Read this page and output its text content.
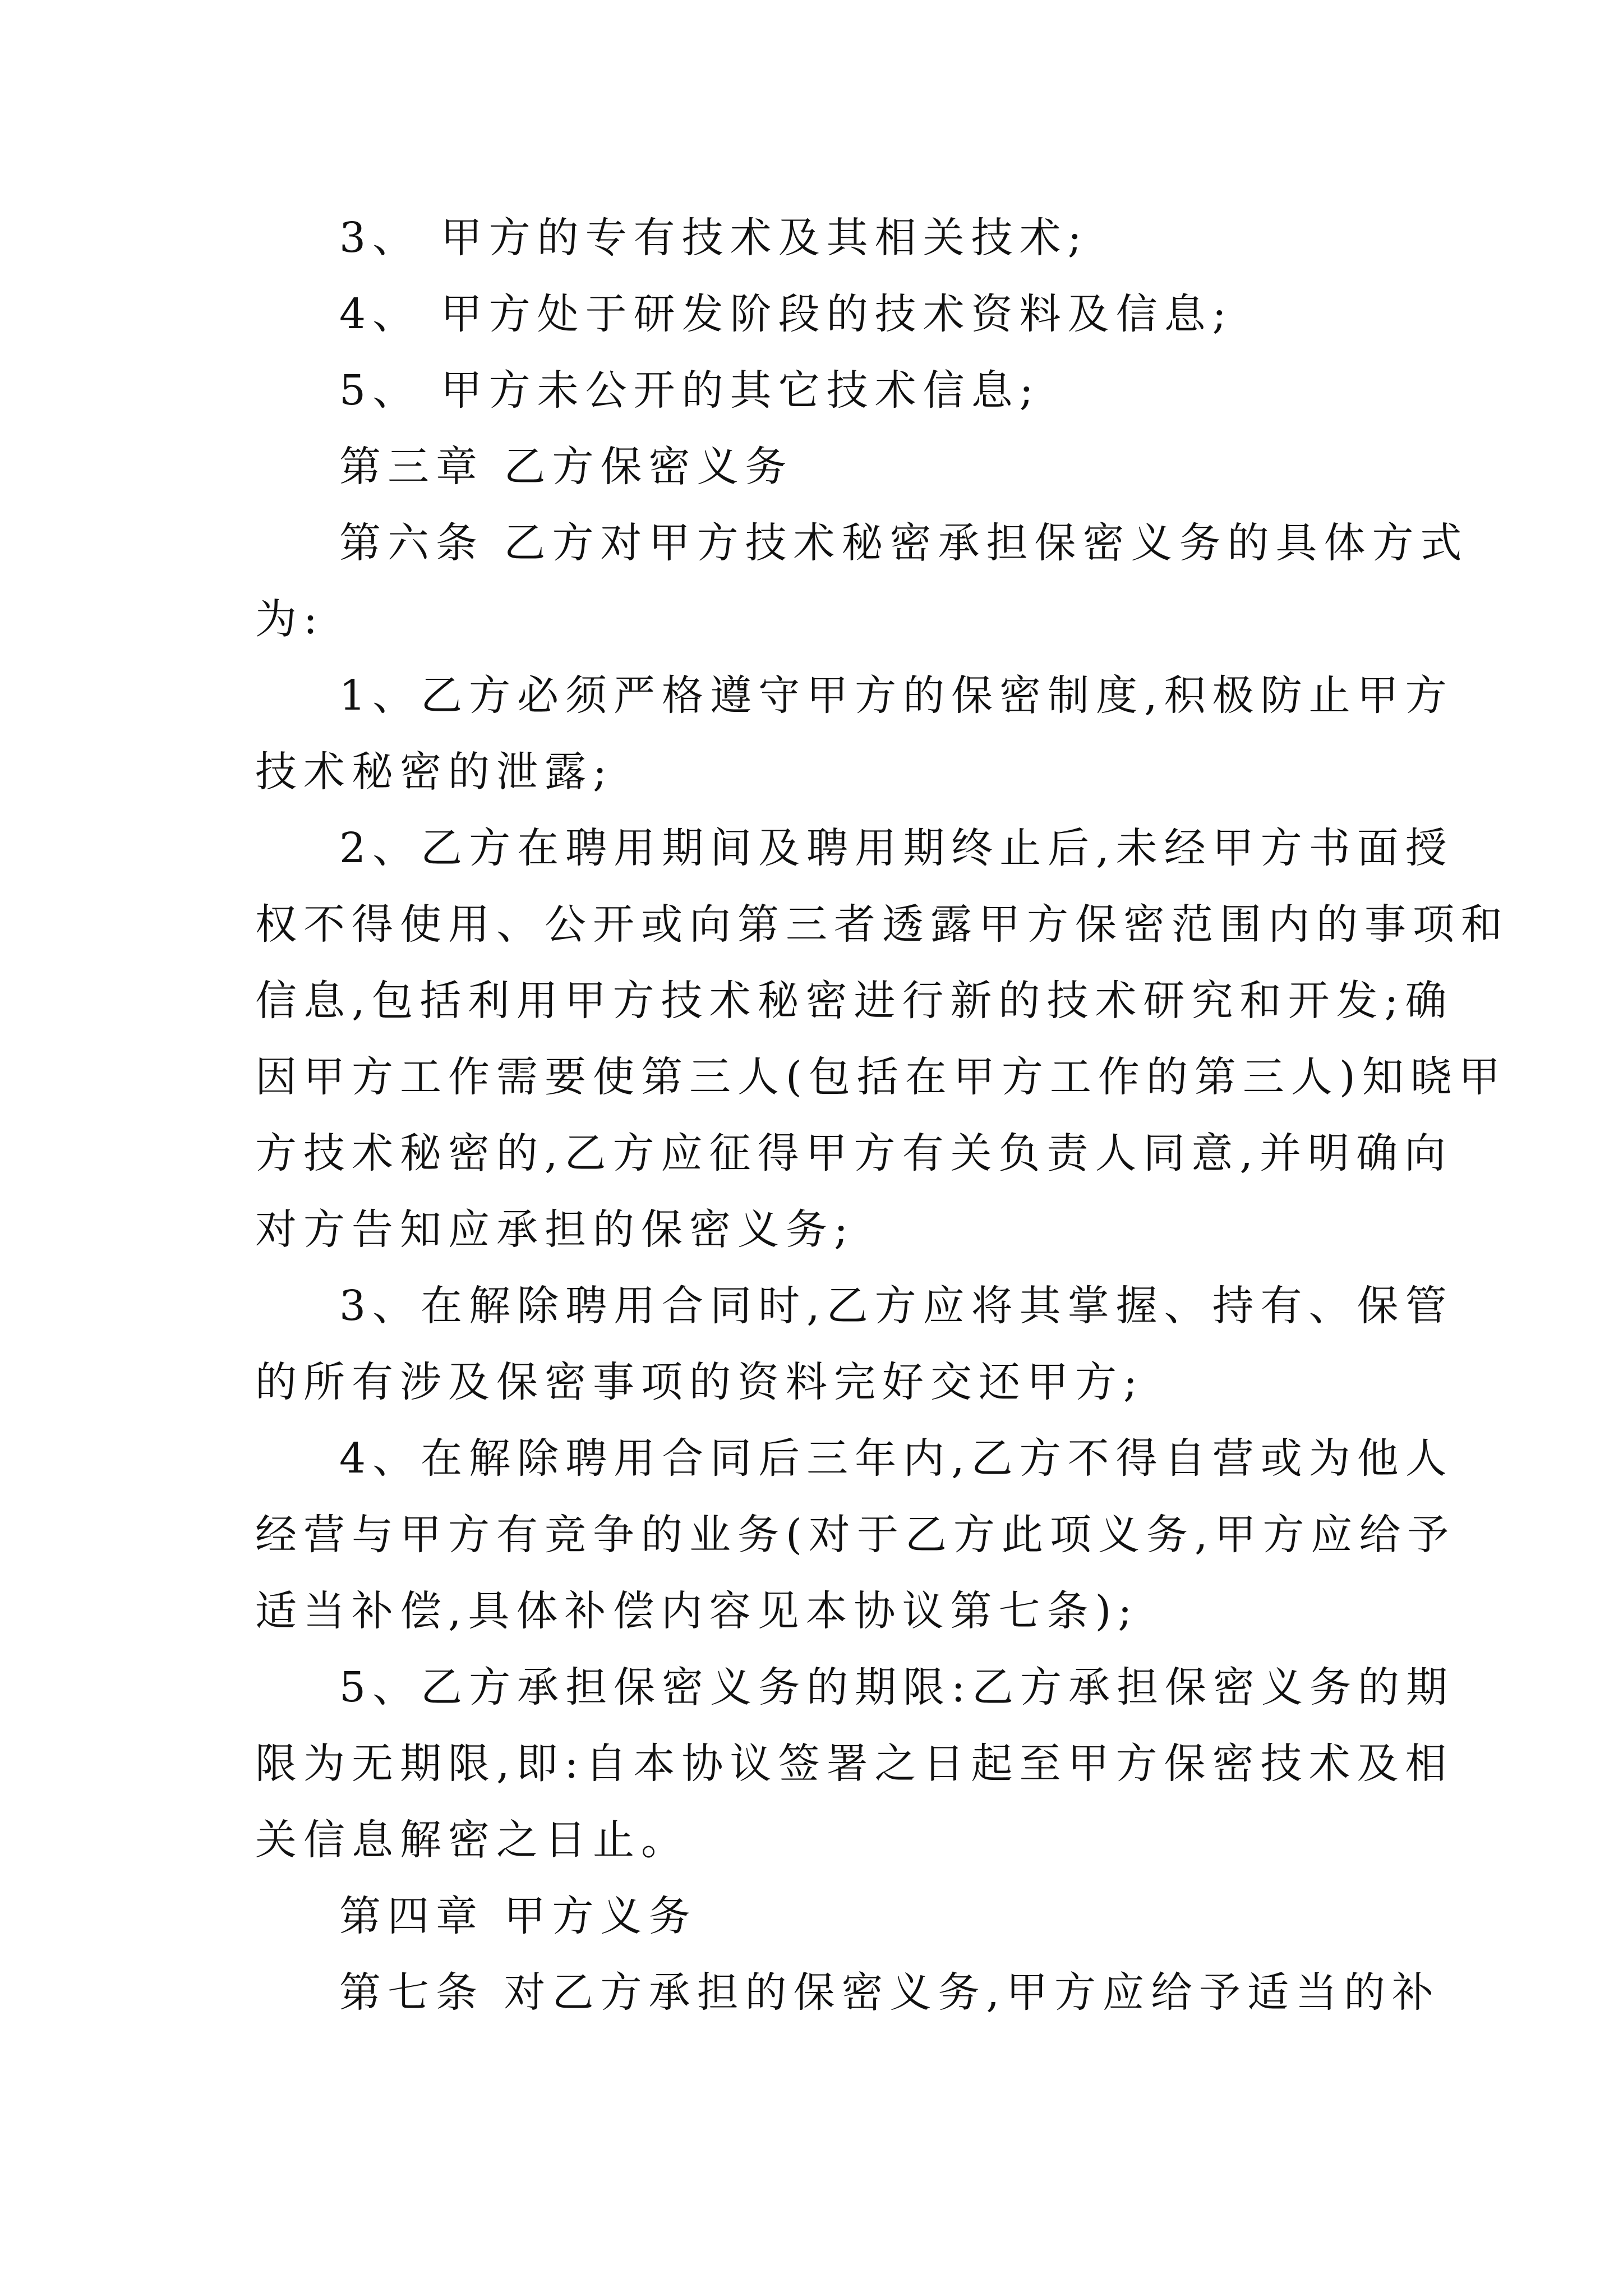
3、 甲方的专有技术及其相关技术;
4、 甲方处于研发阶段的技术资料及信息;
5、 甲方未公开的其它技术信息;
第三章 乙方保密义务
第六条 乙方对甲方技术秘密承担保密义务的具体方式
为:
1、乙方必须严格遵守甲方的保密制度,积极防止甲方
技术秘密的泄露;
2、乙方在聘用期间及聘用期终止后,未经甲方书面授
权不得使用、公开或向第三者透露甲方保密范围内的事项和
信息,包括利用甲方技术秘密进行新的技术研究和开发;确
因甲方工作需要使第三人(包括在甲方工作的第三人)知晓甲
方技术秘密的,乙方应征得甲方有关负责人同意,并明确向
对方告知应承担的保密义务;
3、在解除聘用合同时,乙方应将其掌握、持有、保管
的所有涉及保密事项的资料完好交还甲方;
4、在解除聘用合同后三年内,乙方不得自营或为他人
经营与甲方有竞争的业务(对于乙方此项义务,甲方应给予
适当补偿,具体补偿内容见本协议第七条);
5、乙方承担保密义务的期限:乙方承担保密义务的期
限为无期限,即:自本协议签署之日起至甲方保密技术及相
关信息解密之日止。
第四章 甲方义务
第七条 对乙方承担的保密义务,甲方应给予适当的补
